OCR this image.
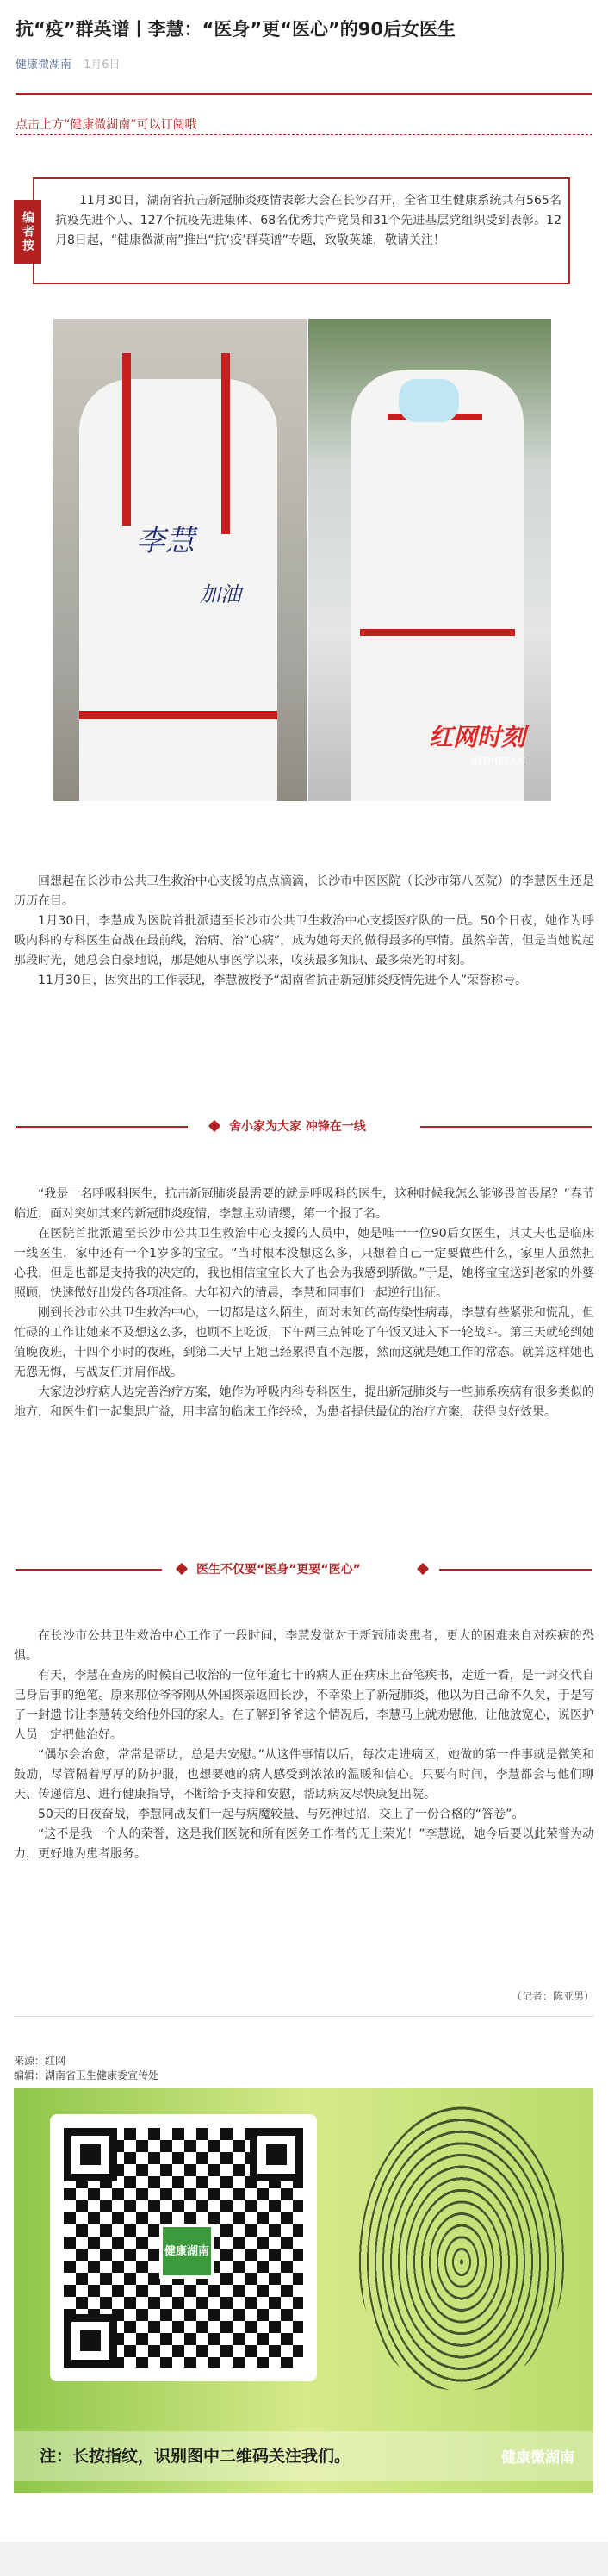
抗“疫”群英谱丨李慧：“医身”更“医心”的90后女医生
健康微湖南 1月6日
点击上方“健康微湖南”可以订阅哦
编者按
11月30日，湖南省抗击新冠肺炎疫情表彰大会在长沙召开，全省卫生健康系统共有565名抗疫先进个人、127个抗疫先进集体、68名优秀共产党员和31个先进基层党组织受到表彰。12月8日起，“健康微湖南”推出“抗‘疫’群英谱”专题，致敬英雄，敬请关注！
李慧
加油
红网时刻
REDNET.CN

回想起在长沙市公共卫生救治中心支援的点点滴滴，长沙市中医医院（长沙市第八医院）的李慧医生还是历历在目。

1月30日，李慧成为医院首批派遣至长沙市公共卫生救治中心支援医疗队的一员。50个日夜，她作为呼吸内科的专科医生奋战在最前线，治病、治“心病”，成为她每天的做得最多的事情。虽然辛苦，但是当她说起那段时光，她总会自豪地说，那是她从事医学以来，收获最多知识、最多荣光的时刻。

11月30日，因突出的工作表现，李慧被授予“湖南省抗击新冠肺炎疫情先进个人”荣誉称号。

舍小家为大家 冲锋在一线

“我是一名呼吸科医生，抗击新冠肺炎最需要的就是呼吸科的医生，这种时候我怎么能够畏首畏尾？”春节临近，面对突如其来的新冠肺炎疫情，李慧主动请缨，第一个报了名。

在医院首批派遣至长沙市公共卫生救治中心支援的人员中，她是唯一一位90后女医生，其丈夫也是临床一线医生，家中还有一个1岁多的宝宝。“当时根本没想这么多，只想着自己一定要做些什么，家里人虽然担心我，但是也都是支持我的决定的，我也相信宝宝长大了也会为我感到骄傲。”于是，她将宝宝送到老家的外婆照顾，快速做好出发的各项准备。大年初六的清晨，李慧和同事们一起逆行出征。

刚到长沙市公共卫生救治中心，一切都是这么陌生，面对未知的高传染性病毒，李慧有些紧张和慌乱，但忙碌的工作让她来不及想这么多，也顾不上吃饭，下午两三点钟吃了午饭又进入下一轮战斗。第三天就轮到她值晚夜班，十四个小时的夜班，到第二天早上她已经累得直不起腰，然而这就是她工作的常态。就算这样她也无怨无悔，与战友们并肩作战。

大家边沙疗病人边完善治疗方案，她作为呼吸内科专科医生，提出新冠肺炎与一些肺系疾病有很多类似的地方，和医生们一起集思广益，用丰富的临床工作经验，为患者提供最优的治疗方案，获得良好效果。

医生不仅要“医身”更要“医心”

在长沙市公共卫生救治中心工作了一段时间，李慧发觉对于新冠肺炎患者，更大的困难来自对疾病的恐惧。

有天，李慧在查房的时候自己收治的一位年逾七十的病人正在病床上奋笔疾书，走近一看，是一封交代自己身后事的绝笔。原来那位爷爷刚从外国探亲返回长沙，不幸染上了新冠肺炎，他以为自己命不久矣，于是写了一封遗书让李慧转交给他外国的家人。在了解到爷爷这个情况后，李慧马上就劝慰他，让他放宽心，说医护人员一定把他治好。

“偶尔会治愈，常常是帮助，总是去安慰。”从这件事情以后，每次走进病区，她做的第一件事就是微笑和鼓励，尽管隔着厚厚的防护服，也想要她的病人感受到浓浓的温暖和信心。只要有时间，李慧都会与他们聊天、传递信息、进行健康指导，不断给予支持和安慰，帮助病友尽快康复出院。

50天的日夜奋战，李慧同战友们一起与病魔较量、与死神过招，交上了一份合格的“答卷”。

“这不是我一个人的荣誉，这是我们医院和所有医务工作者的无上荣光！”李慧说，她今后要以此荣誉为动力，更好地为患者服务。

（记者：陈亚男）
来源：红网
编辑：湖南省卫生健康委宣传处
健康湖南
注：长按指纹，识别图中二维码关注我们。	健康微湖南
